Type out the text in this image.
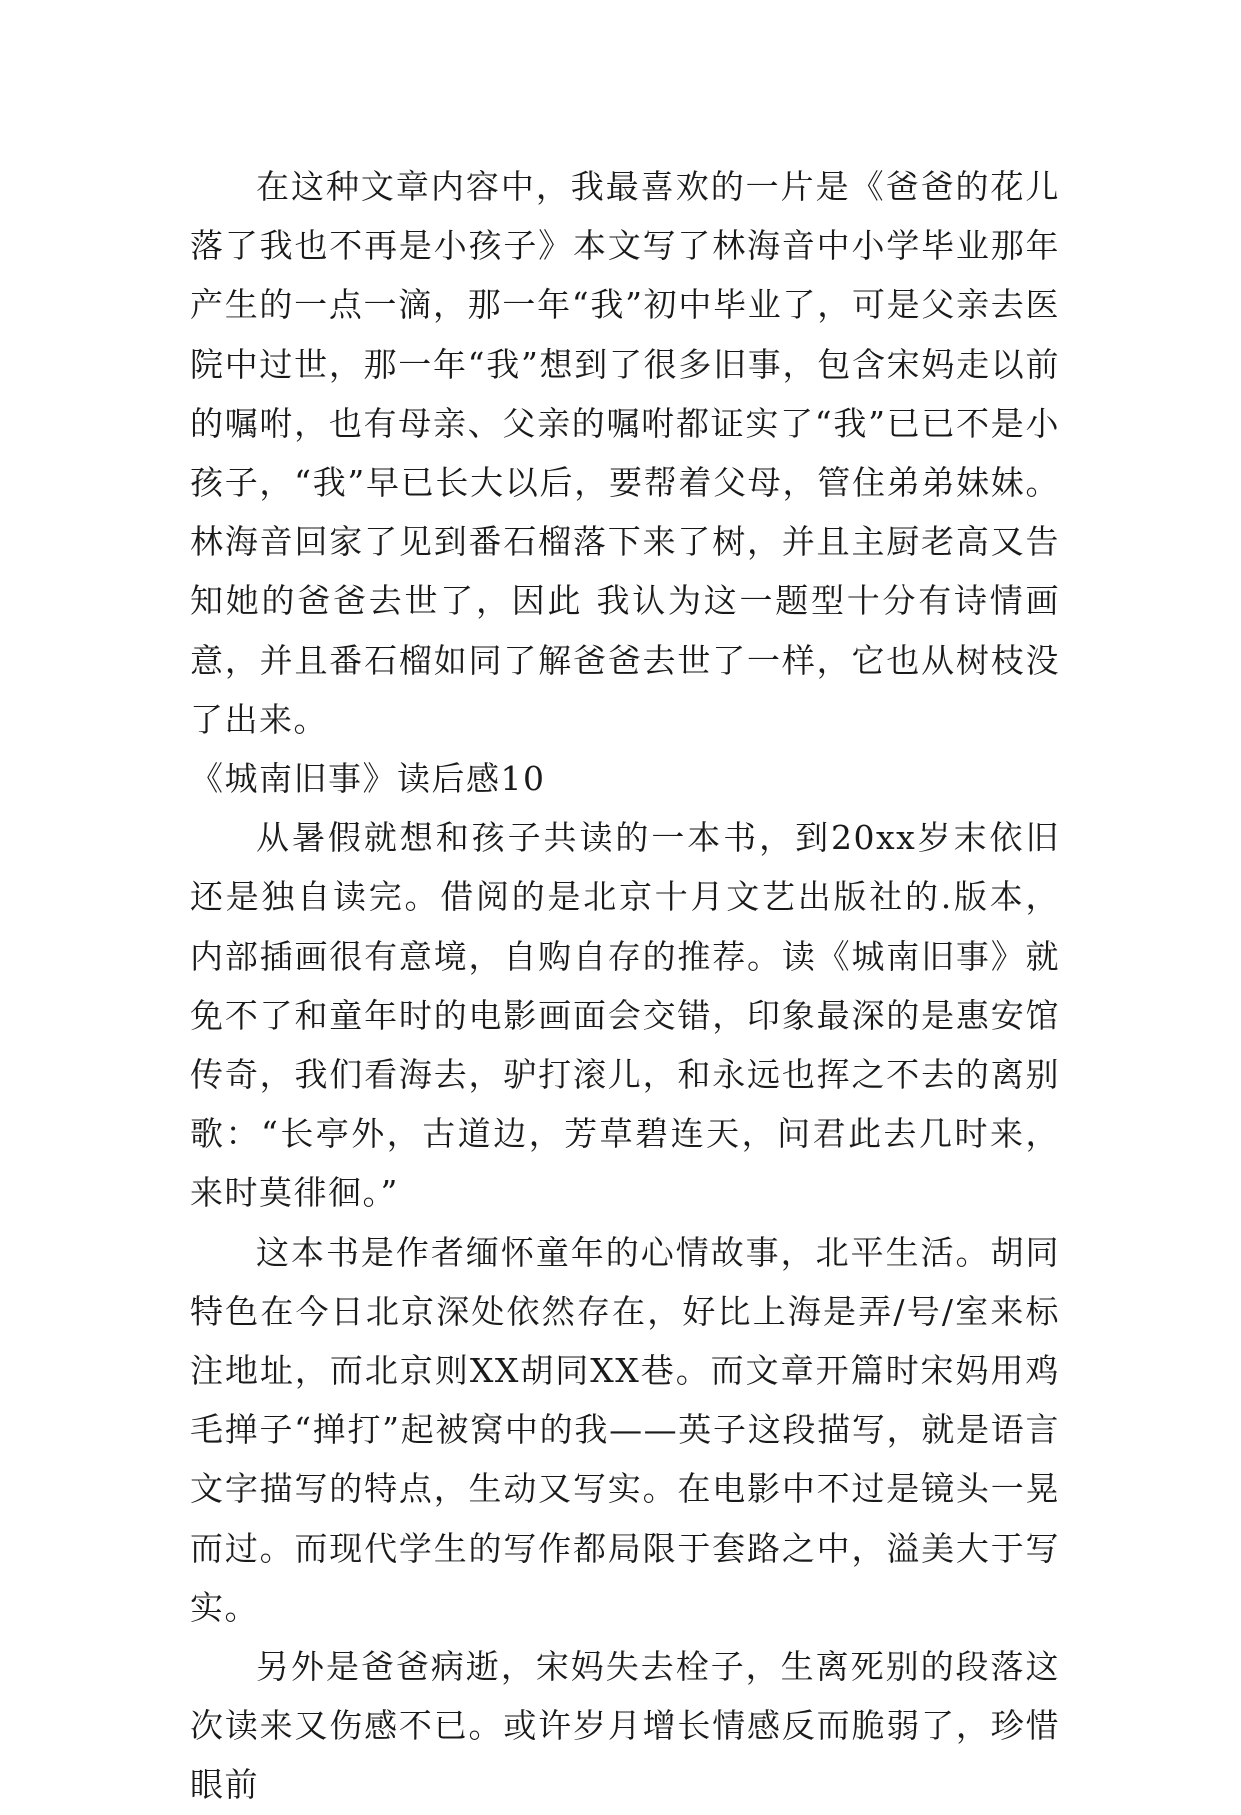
在这种文章内容中，我最喜欢的一片是《爸爸的花儿落了我也不再是小孩子》本文写了林海音中小学毕业那年产生的一点一滴，那一年“我”初中毕业了，可是父亲去医院中过世，那一年“我”想到了很多旧事，包含宋妈走以前的嘱咐，也有母亲、父亲的嘱咐都证实了“我”已已不是小孩子，“我”早已长大以后，要帮着父母，管住弟弟妹妹。林海音回家了见到番石榴落下来了树，并且主厨老高又告知她的爸爸去世了，因此 我认为这一题型十分有诗情画意，并且番石榴如同了解爸爸去世了一样，它也从树枝没了出来。

《城南旧事》读后感10

从暑假就想和孩子共读的一本书，到20xx岁末依旧还是独自读完。借阅的是北京十月文艺出版社的.版本，内部插画很有意境，自购自存的推荐。读《城南旧事》就免不了和童年时的电影画面会交错，印象最深的是惠安馆传奇，我们看海去，驴打滚儿，和永远也挥之不去的离别歌：“长亭外，古道边，芳草碧连天，问君此去几时来，来时莫徘徊。”

这本书是作者缅怀童年的心情故事，北平生活。胡同特色在今日北京深处依然存在，好比上海是弄/号/室来标注地址，而北京则XX胡同XX巷。而文章开篇时宋妈用鸡毛掸子“掸打”起被窝中的我——英子这段描写，就是语言文字描写的特点，生动又写实。在电影中不过是镜头一晃而过。而现代学生的写作都局限于套路之中，溢美大于写实。

另外是爸爸病逝，宋妈失去栓子，生离死别的段落这次读来又伤感不已。或许岁月增长情感反而脆弱了，珍惜眼前
